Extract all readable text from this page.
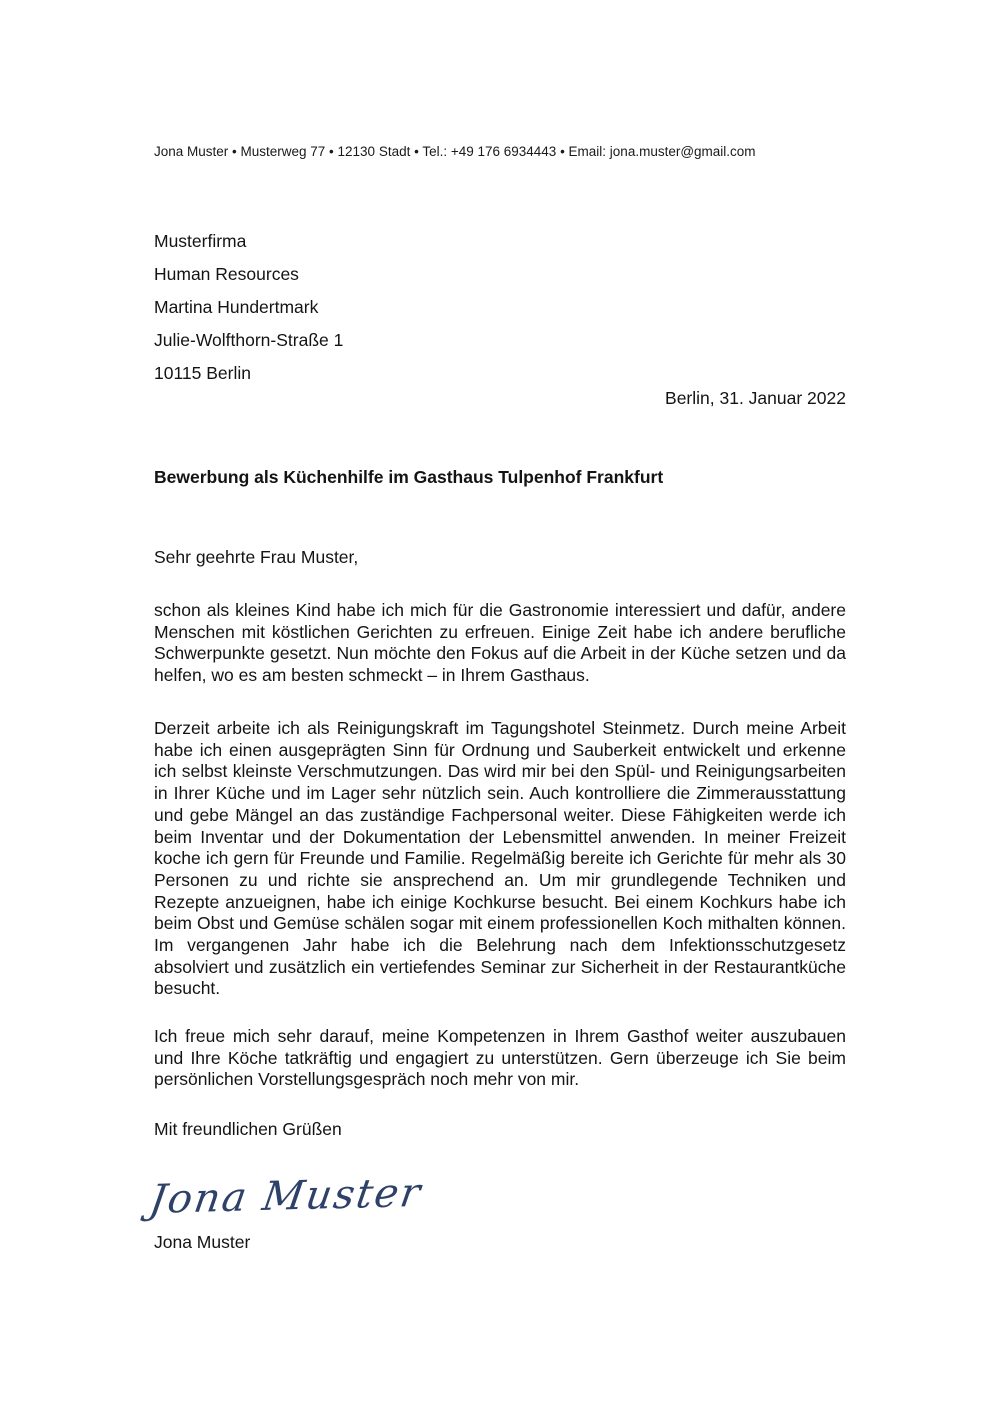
Jona Muster • Musterweg 77 • 12130 Stadt • Tel.: +49 176 6934443 • Email: jona.muster@gmail.com
Musterfirma
Human Resources
Martina Hundertmark
Julie-Wolfthorn-Straße 1
10115 Berlin
Berlin, 31. Januar 2022
Bewerbung als Küchenhilfe im Gasthaus Tulpenhof Frankfurt
Sehr geehrte Frau Muster,

schon als kleines Kind habe ich mich für die Gastronomie interessiert und dafür, andere Menschen mit köstlichen Gerichten zu erfreuen. Einige Zeit habe ich andere berufliche Schwerpunkte gesetzt. Nun möchte den Fokus auf die Arbeit in der Küche setzen und da helfen, wo es am besten schmeckt – in Ihrem Gasthaus.

Derzeit arbeite ich als Reinigungskraft im Tagungshotel Steinmetz. Durch meine Arbeit habe ich einen ausgeprägten Sinn für Ordnung und Sauberkeit entwickelt und erkenne ich selbst kleinste Verschmutzungen. Das wird mir bei den Spül- und Reinigungsarbeiten in Ihrer Küche und im Lager sehr nützlich sein. Auch kontrolliere die Zimmerausstattung und gebe Mängel an das zuständige Fachpersonal weiter. Diese Fähigkeiten werde ich beim Inventar und der Dokumentation der Lebensmittel anwenden. In meiner Freizeit koche ich gern für Freunde und Familie. Regelmäßig bereite ich Gerichte für mehr als 30 Personen zu und richte sie ansprechend an. Um mir grundlegende Techniken und Rezepte anzueignen, habe ich einige Kochkurse besucht. Bei einem Kochkurs habe ich beim Obst und Gemüse schälen sogar mit einem professionellen Koch mithalten können. Im vergangenen Jahr habe ich die Belehrung nach dem Infektionsschutzgesetz absolviert und zusätzlich ein vertiefendes Seminar zur Sicherheit in der Restaurantküche besucht.

Ich freue mich sehr darauf, meine Kompetenzen in Ihrem Gasthof weiter auszubauen und Ihre Köche tatkräftig und engagiert zu unterstützen. Gern überzeuge ich Sie beim persönlichen Vorstellungsgespräch noch mehr von mir.

Mit freundlichen Grüßen
Jona Muster
Jona Muster
